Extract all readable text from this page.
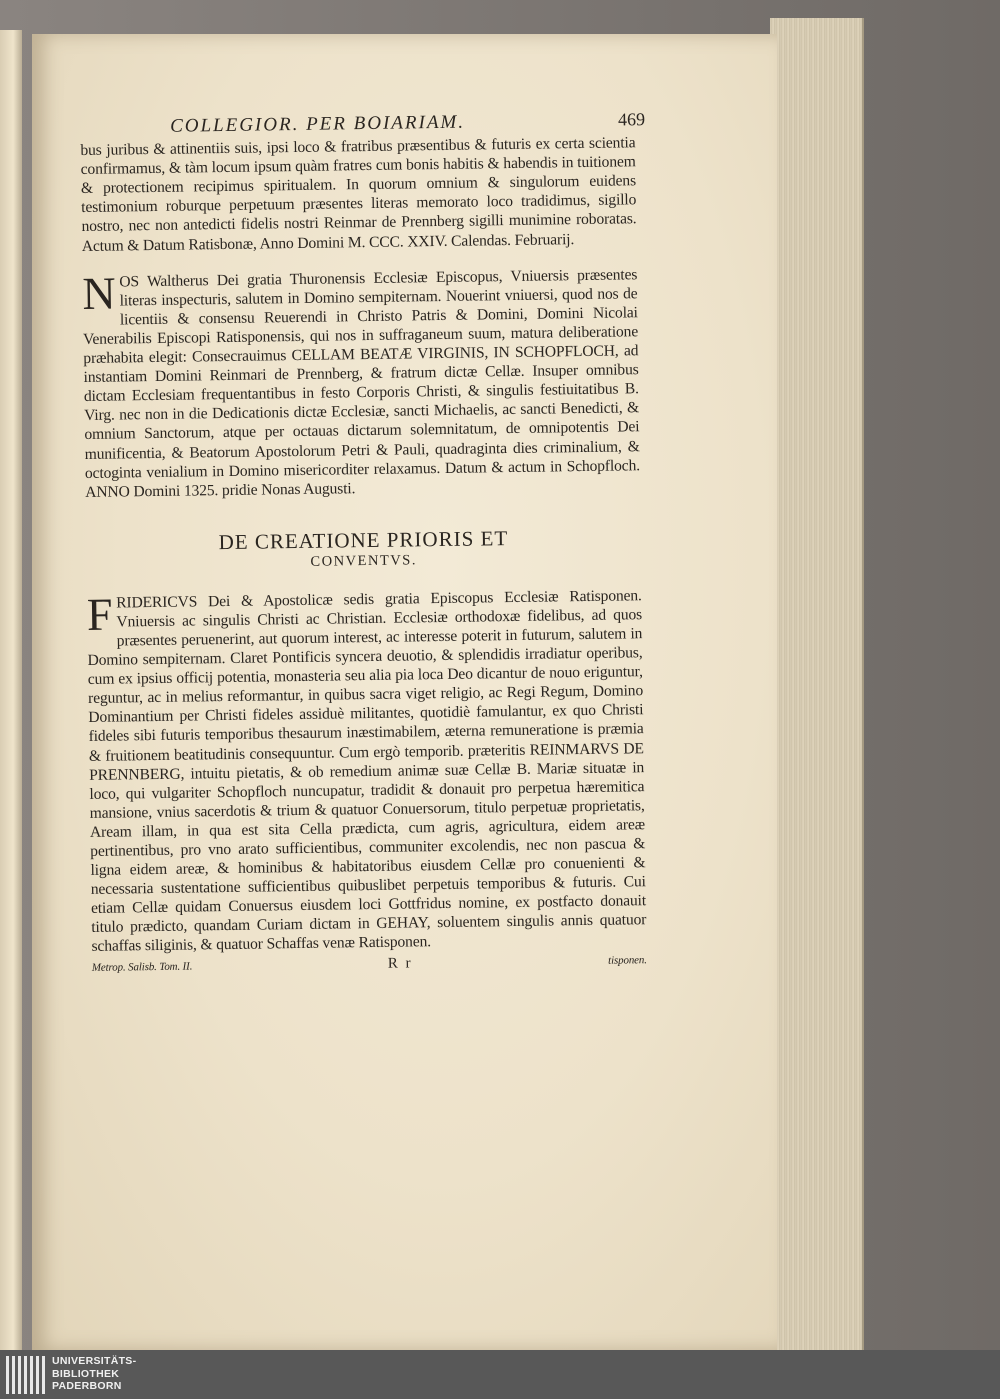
COLLEGIOR. PER BOIARIAM.	469

bus juribus & attinentiis suis, ipsi loco & fratribus præsentibus & futuris ex certa scientia confirmamus, & tàm locum ipsum quàm fratres cum bonis habitis & habendis in tuitionem & protectionem recipimus spiritualem. In quorum omnium & singulorum euidens testimonium roburque perpetuum præsentes literas memorato loco tradidimus, sigillo nostro, nec non antedicti fidelis nostri Reinmar de Prennberg sigilli munimine roboratas. Actum & Datum Ratisbonæ, Anno Domini M. CCC. XXIV. Calendas. Februarij.

N OS Waltherus Dei gratia Thuronensis Ecclesiæ Episcopus, Vniuersis præsentes literas inspecturis, salutem in Domino sempiternam. Nouerint vniuersi, quod nos de licentiis & consensu Reuerendi in Christo Patris & Domini, Domini Nicolai Venerabilis Episcopi Ratisponensis, qui nos in suffraganeum suum, matura deliberatione præhabita elegit: Consecrauimus CELLAM BEATÆ VIRGINIS, IN SCHOPFLOCH, ad instantiam Domini Reinmari de Prennberg, & fratrum dictæ Cellæ. Insuper omnibus dictam Ecclesiam frequentantibus in festo Corporis Christi, & singulis festiuitatibus B. Virg. nec non in die Dedicationis dictæ Ecclesiæ, sancti Michaelis, ac sancti Benedicti, & omnium Sanctorum, atque per octauas dictarum solemnitatum, de omnipotentis Dei munificentia, & Beatorum Apostolorum Petri & Pauli, quadraginta dies criminalium, & octoginta venialium in Domino misericorditer relaxamus. Datum & actum in Schopfloch. ANNO Domini 1325. pridie Nonas Augusti.
DE CREATIONE PRIORIS ET
CONVENTVS.
F RIDERICVS Dei & Apostolicæ sedis gratia Episcopus Ecclesiæ Ratisponen. Vniuersis ac singulis Christi ac Christian. Ecclesiæ orthodoxæ fidelibus, ad quos præsentes peruenerint, aut quorum interest, ac interesse poterit in futurum, salutem in Domino sempiternam. Claret Pontificis syncera deuotio, & splendidis irradiatur operibus, cum ex ipsius officij potentia, monasteria seu alia pia loca Deo dicantur de nouo eriguntur, reguntur, ac in melius reformantur, in quibus sacra viget religio, ac Regi Regum, Domino Dominantium per Christi fideles assiduè militantes, quotidiè famulantur, ex quo Christi fideles sibi futuris temporibus thesaurum inæstimabilem, æterna remuneratione is præmia & fruitionem beatitudinis consequuntur. Cum ergò temporib. præteritis REINMARVS DE PRENNBERG, intuitu pietatis, & ob remedium animæ suæ Cellæ B. Mariæ situatæ in loco, qui vulgariter Schopfloch nuncupatur, tradidit & donauit pro perpetua hæremitica mansione, vnius sacerdotis & trium & quatuor Conuersorum, titulo perpetuæ proprietatis, Aream illam, in qua est sita Cella prædicta, cum agris, agricultura, eidem areæ pertinentibus, pro vno arato sufficientibus, communiter excolendis, nec non pascua & ligna eidem areæ, & hominibus & habitatoribus eiusdem Cellæ pro conuenienti & necessaria sustentatione sufficientibus quibuslibet perpetuis temporibus & futuris. Cui etiam Cellæ quidam Conuersus eiusdem loci Gottfridus nomine, ex postfacto donauit titulo prædicto, quandam Curiam dictam in GEHAY, soluentem singulis annis quatuor schaffas siliginis, & quatuor Schaffas venæ Ratisponen.
Metrop. Salisb. Tom. II.	R r	tisponen.
UNIVERSITÄTS-
BIBLIOTHEK
PADERBORN
